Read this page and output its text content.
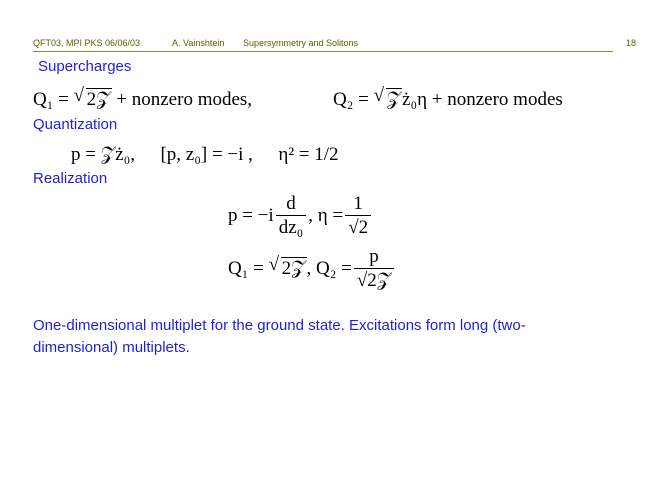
QFT03, MPI PKS 06/06/03	A. Vainshtein Supersymmetry and Solitons	18
Supercharges
Q₁ = √ 2𝒵 + nonzero modes,	Q₂ = √ 𝒵ż₀η + nonzero modes
Quantization
p = 𝒵ż₀, [p, z₀] = −i , η² = 1/2
Realization
$p = -i \frac{d}{\text{dz₀}}$ , $\eta = \frac{1}{√2}$
Q₁ = √ 2𝒵, $Q_2 = \frac{p}{\text{√2𝒵}}$
One-dimensional multiplet for the ground state. Excitations form long (two-dimensional) multiplets.
